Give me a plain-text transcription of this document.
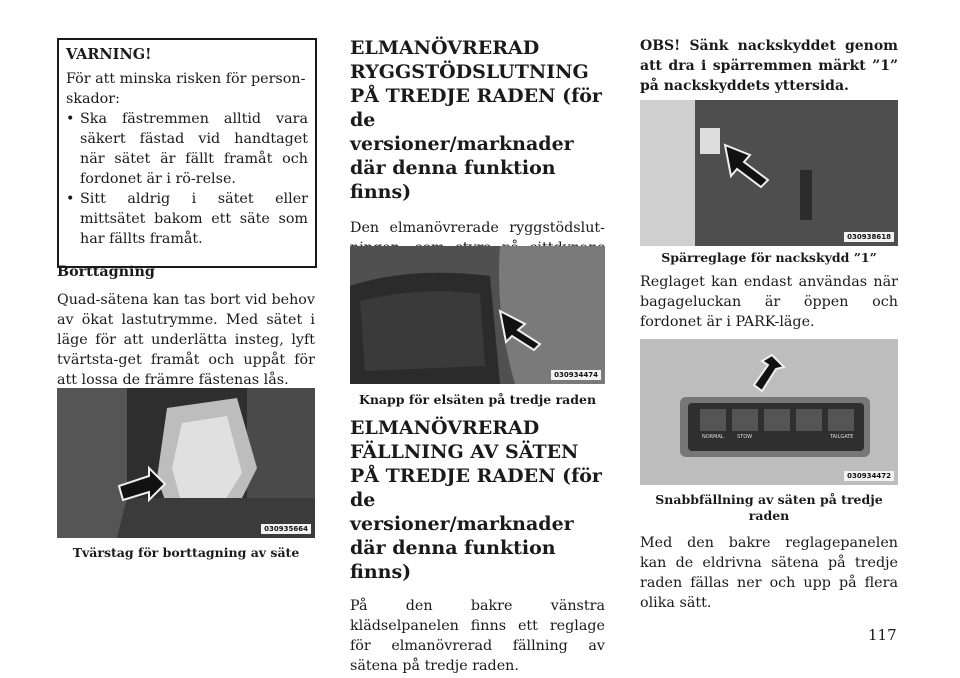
VARNING!

För att minska risken för person-skador:

• Ska fästremmen alltid vara säkert fästad vid handtaget när sätet är fällt framåt och fordonet är i rö-relse.
• Sitt aldrig i sätet eller mittsätet bakom ett säte som har fällts framåt.

Borttagning

Quad-sätena kan tas bort vid behov av ökat lastutrymme. Med sätet i läge för att underlätta insteg, lyft tvärtsta-get framåt och uppåt för att lossa de främre fästenas lås.

030935664

Tvärstag för borttagning av säte

ELMANÖVRERAD RYGGSTÖDSLUTNING PÅ TREDJE RADEN (för de versioner/marknader där denna funktion finns)

Den elmanövrerade ryggstödslut-

030934474

Knapp för elsäten på tredje raden

ELMANÖVRERAD FÄLLNING AV SÄTEN PÅ TREDJE RADEN (för de versioner/marknader där denna funktion finns)

På den bakre vänstra klädselpanelen finns ett reglage för elmanövrerad fällning av sätena på tredje raden.

OBS! Sänk nackskyddet genom att dra i spärremmen märkt ”1” på nackskyddets yttersida.

030938618

Spärreglage för nackskydd ”1”

Reglaget kan endast användas när bagageluckan är öppen och fordonet är i PARK-läge.

NORMAL	STOW	TAILGATE
030934472

Snabbfällning av säten på tredje raden

Med den bakre reglagepanelen kan de eldrivna sätena på tredje raden fällas ner och upp på flera olika sätt.

117
